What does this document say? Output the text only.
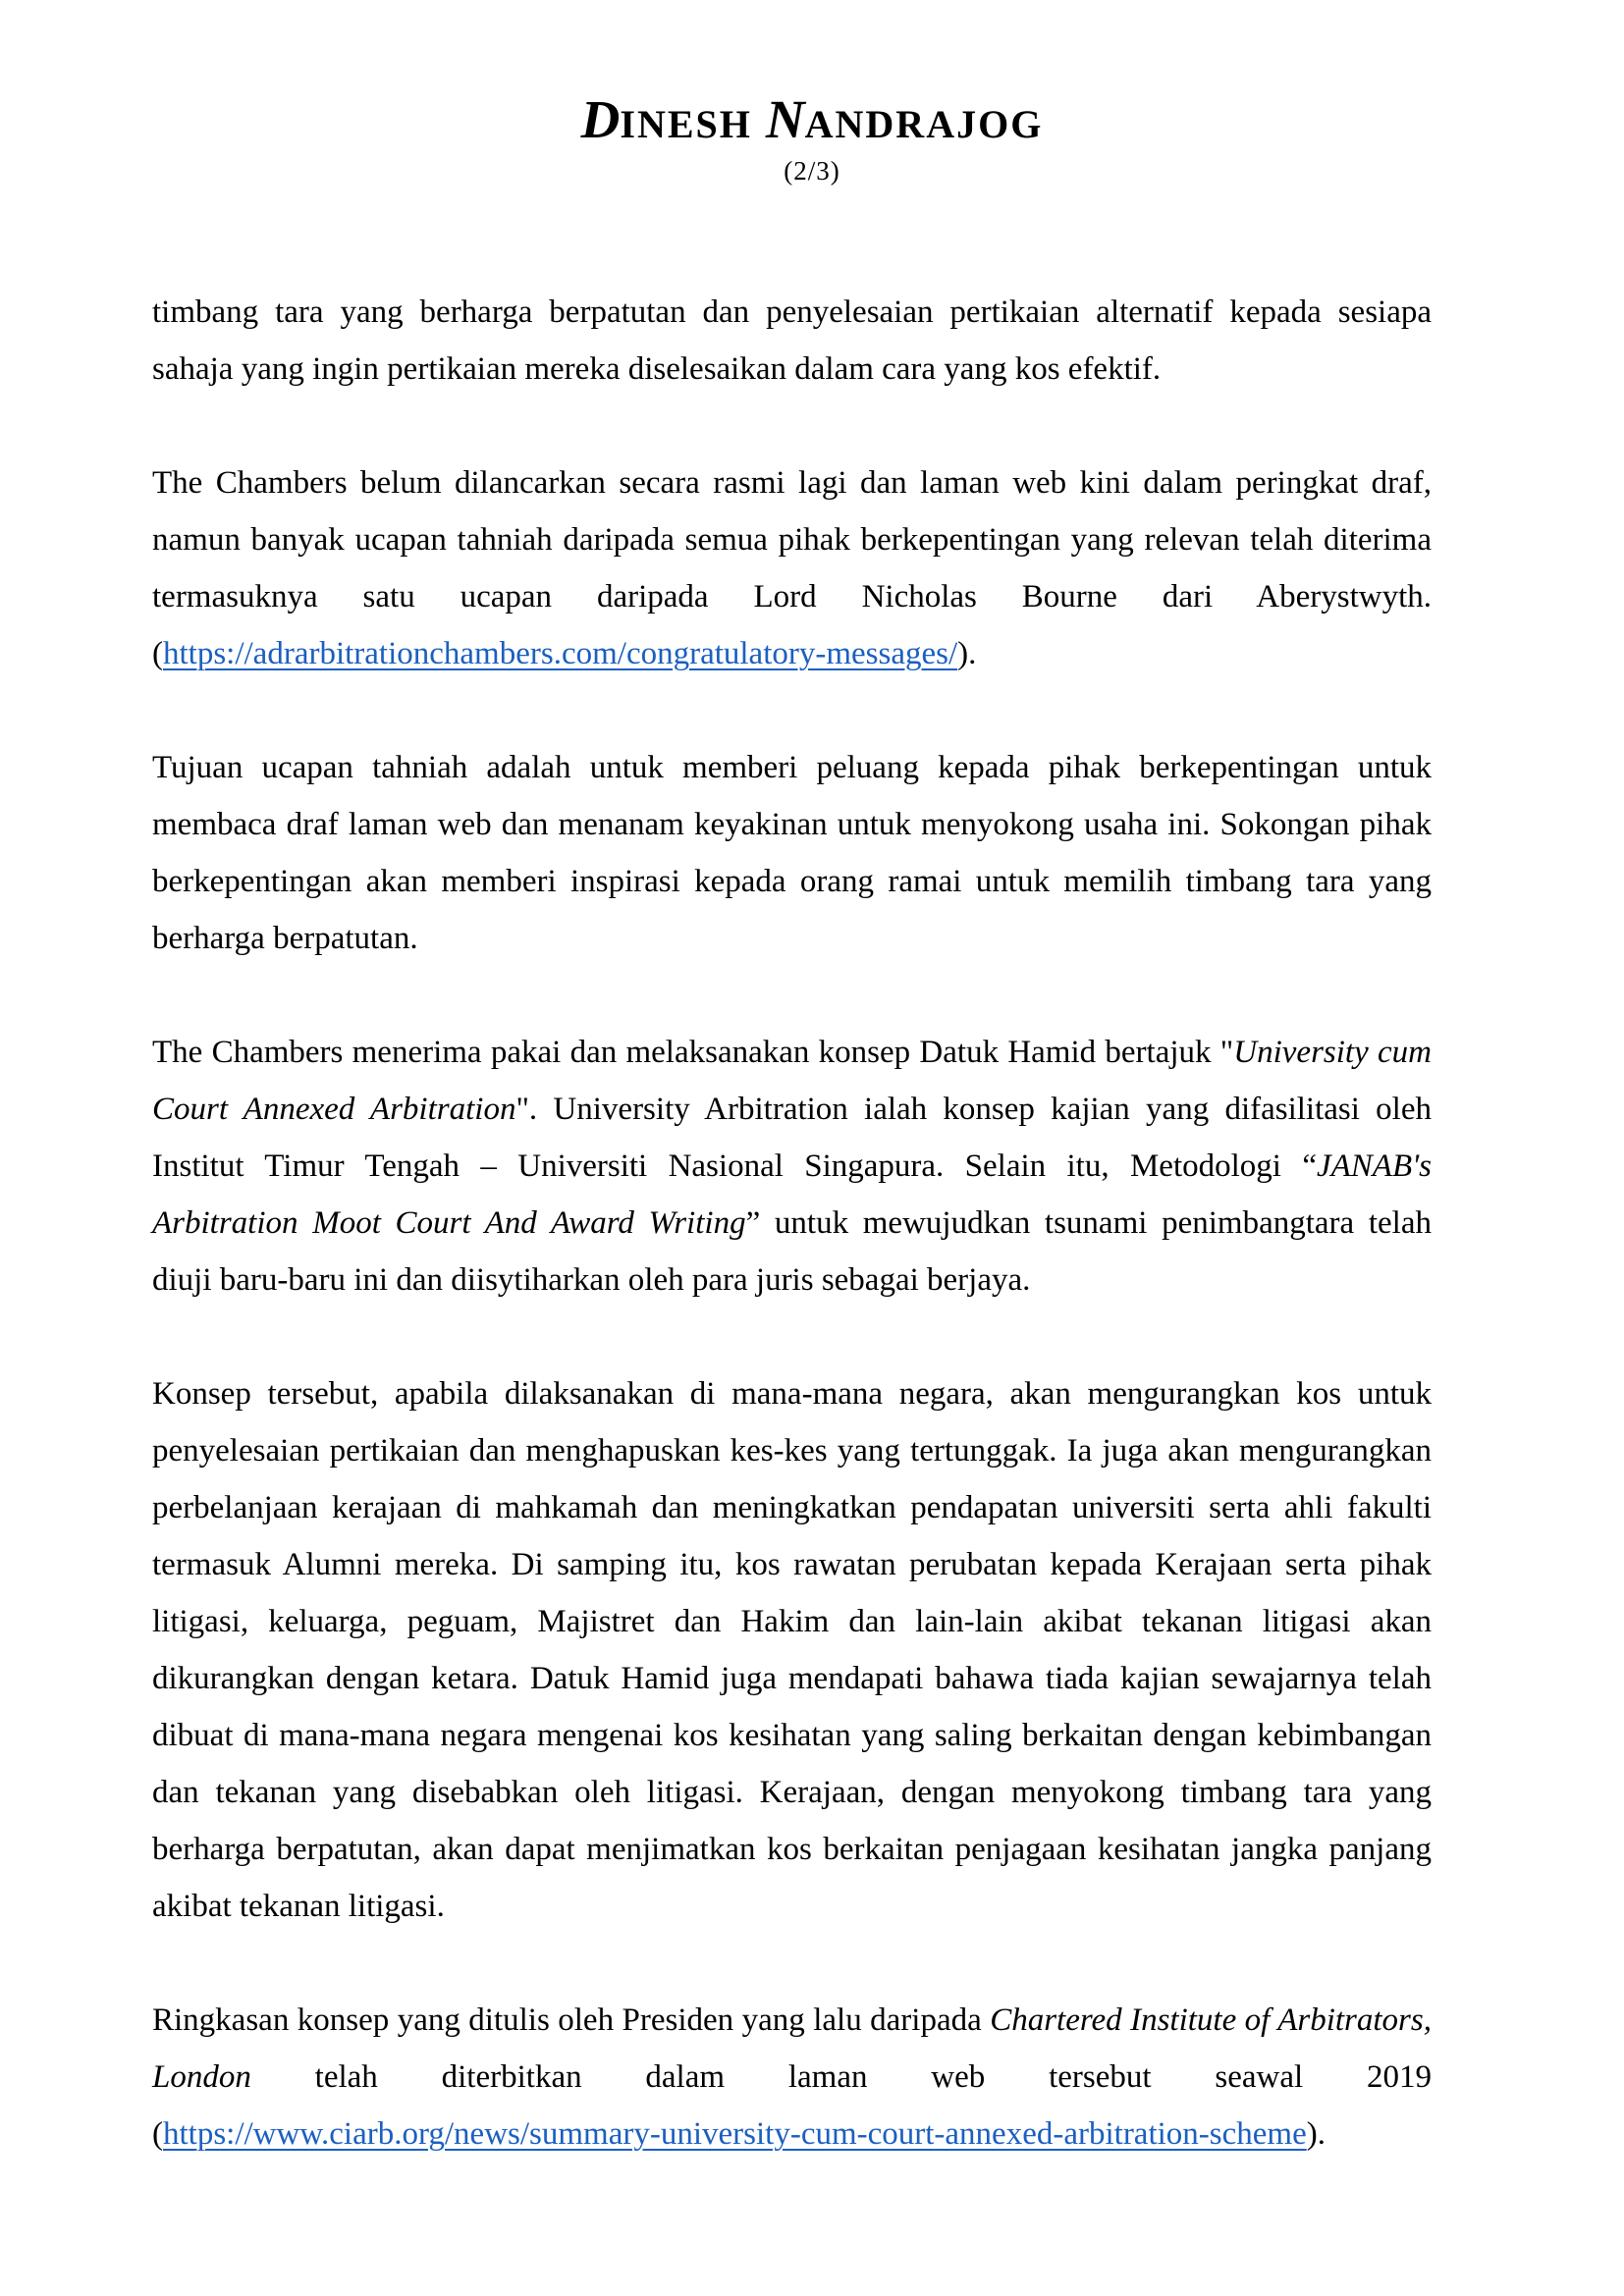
DINESH NANDRAJOG
(2/3)

timbang tara yang berharga berpatutan dan penyelesaian pertikaian alternatif kepada sesiapa sahaja yang ingin pertikaian mereka diselesaikan dalam cara yang kos efektif.

The Chambers belum dilancarkan secara rasmi lagi dan laman web kini dalam peringkat draf, namun banyak ucapan tahniah daripada semua pihak berkepentingan yang relevan telah diterima termasuknya satu ucapan daripada Lord Nicholas Bourne dari Aberystwyth. (https://adrarbitrationchambers.com/congratulatory-messages/).

Tujuan ucapan tahniah adalah untuk memberi peluang kepada pihak berkepentingan untuk membaca draf laman web dan menanam keyakinan untuk menyokong usaha ini. Sokongan pihak berkepentingan akan memberi inspirasi kepada orang ramai untuk memilih timbang tara yang berharga berpatutan.

The Chambers menerima pakai dan melaksanakan konsep Datuk Hamid bertajuk "University cum Court Annexed Arbitration". University Arbitration ialah konsep kajian yang difasilitasi oleh Institut Timur Tengah – Universiti Nasional Singapura. Selain itu, Metodologi “JANAB's Arbitration Moot Court And Award Writing” untuk mewujudkan tsunami penimbangtara telah diuji baru-baru ini dan diisytiharkan oleh para juris sebagai berjaya.

Konsep tersebut, apabila dilaksanakan di mana-mana negara, akan mengurangkan kos untuk penyelesaian pertikaian dan menghapuskan kes-kes yang tertunggak. Ia juga akan mengurangkan perbelanjaan kerajaan di mahkamah dan meningkatkan pendapatan universiti serta ahli fakulti termasuk Alumni mereka. Di samping itu, kos rawatan perubatan kepada Kerajaan serta pihak litigasi, keluarga, peguam, Majistret dan Hakim dan lain-lain akibat tekanan litigasi akan dikurangkan dengan ketara. Datuk Hamid juga mendapati bahawa tiada kajian sewajarnya telah dibuat di mana-mana negara mengenai kos kesihatan yang saling berkaitan dengan kebimbangan dan tekanan yang disebabkan oleh litigasi. Kerajaan, dengan menyokong timbang tara yang berharga berpatutan, akan dapat menjimatkan kos berkaitan penjagaan kesihatan jangka panjang akibat tekanan litigasi.

Ringkasan konsep yang ditulis oleh Presiden yang lalu daripada Chartered Institute of Arbitrators, London telah diterbitkan dalam laman web tersebut seawal 2019 (https://www.ciarb.org/news/summary-university-cum-court-annexed-arbitration-scheme).
